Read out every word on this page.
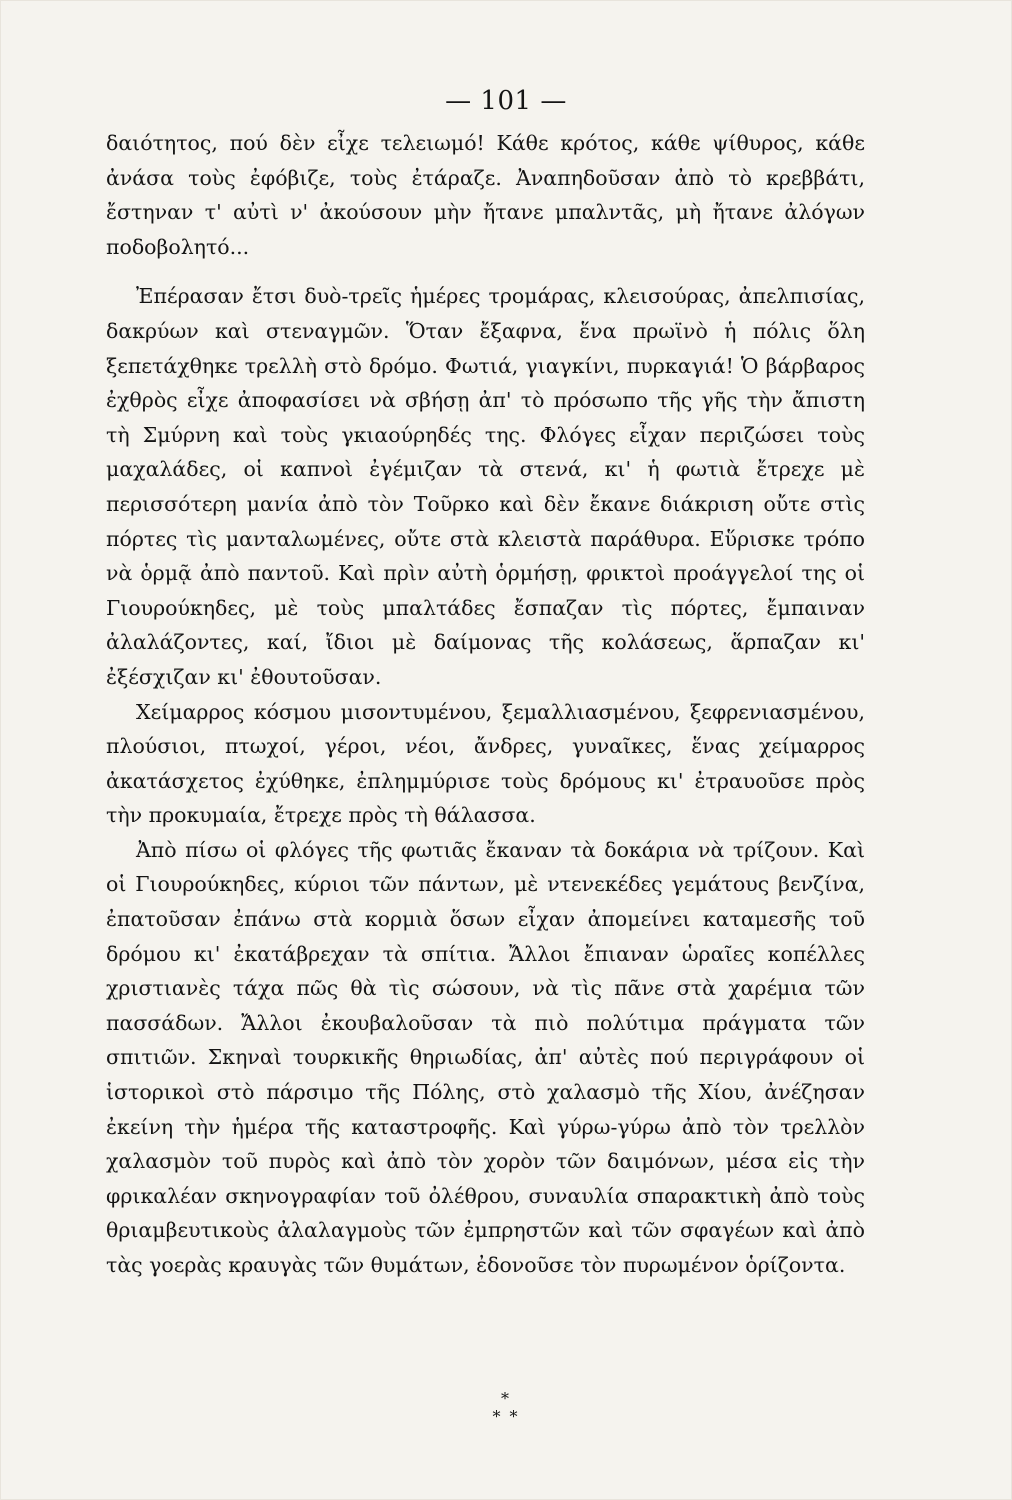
— 101 —

δαιότητος, πού δὲν εἶχε τελειωμό! Κάθε κρότος, κάθε ψίθυρος, κάθε ἀνάσα τοὺς ἐφόβιζε, τοὺς ἐτάραζε. Ἀναπηδοῦσαν ἀπὸ τὸ κρεββάτι, ἔστηναν τ' αὐτὶ ν' ἀκούσουν μὴν ἤτανε μπαλντᾶς, μὴ ἤτανε ἀλόγων ποδοβολητό...

Ἐπέρασαν ἔτσι δυὸ-τρεῖς ἡμέρες τρομάρας, κλεισούρας, ἀπελπισίας, δακρύων καὶ στεναγμῶν. Ὅταν ἔξαφνα, ἕνα πρωϊνὸ ἡ πόλις ὅλη ξεπετάχθηκε τρελλὴ στὸ δρόμο. Φωτιά, γιαγκίνι, πυρκαγιά! Ὁ βάρβαρος ἐχθρὸς εἶχε ἀποφασίσει νὰ σβήσῃ ἀπ' τὸ πρόσωπο τῆς γῆς τὴν ἄπιστη τὴ Σμύρνη καὶ τοὺς γκιαούρηδές της. Φλόγες εἶχαν περιζώσει τοὺς μαχαλάδες, οἱ καπνοὶ ἐγέμιζαν τὰ στενά, κι' ἡ φωτιὰ ἔτρεχε μὲ περισσότερη μανία ἀπὸ τὸν Τοῦρκο καὶ δὲν ἔκανε διάκριση οὔτε στὶς πόρτες τὶς μανταλωμένες, οὔτε στὰ κλειστὰ παράθυρα. Εὕρισκε τρόπο νὰ ὁρμᾷ ἀπὸ παντοῦ. Καὶ πρὶν αὐτὴ ὁρμήσῃ, φρικτοὶ προάγγελοί της οἱ Γιουρούκηδες, μὲ τοὺς μπαλτάδες ἔσπαζαν τὶς πόρτες, ἔμπαιναν ἀλαλάζοντες, καί, ἴδιοι μὲ δαίμονας τῆς κολάσεως, ἅρπαζαν κι' ἐξέσχιζαν κι' ἐθουτοῦσαν.

Χείμαρρος κόσμου μισοντυμένου, ξεμαλλιασμένου, ξεφρενιασμένου, πλούσιοι, πτωχοί, γέροι, νέοι, ἄνδρες, γυναῖκες, ἕνας χείμαρρος ἀκατάσχετος ἐχύθηκε, ἐπλημμύρισε τοὺς δρόμους κι' ἐτραυοῦσε πρὸς τὴν προκυμαία, ἔτρεχε πρὸς τὴ θάλασσα.

Ἀπὸ πίσω οἱ φλόγες τῆς φωτιᾶς ἔκαναν τὰ δοκάρια νὰ τρίζουν. Καὶ οἱ Γιουρούκηδες, κύριοι τῶν πάντων, μὲ ντενεκέδες γεμάτους βενζίνα, ἐπατοῦσαν ἐπάνω στὰ κορμιὰ ὅσων εἶχαν ἀπομείνει καταμεσῆς τοῦ δρόμου κι' ἐκατάβρεχαν τὰ σπίτια. Ἄλλοι ἔπιαναν ὡραῖες κοπέλλες χριστιανὲς τάχα πῶς θὰ τὶς σώσουν, νὰ τὶς πᾶνε στὰ χαρέμια τῶν πασσάδων. Ἄλλοι ἐκουβαλοῦσαν τὰ πιὸ πολύτιμα πράγματα τῶν σπιτιῶν. Σκηναὶ τουρκικῆς θηριωδίας, ἀπ' αὐτὲς πού περιγράφουν οἱ ἱστορικοὶ στὸ πάρσιμο τῆς Πόλης, στὸ χαλασμὸ τῆς Χίου, ἀνέζησαν ἐκείνη τὴν ἡμέρα τῆς καταστροφῆς. Καὶ γύρω-γύρω ἀπὸ τὸν τρελλὸν χαλασμὸν τοῦ πυρὸς καὶ ἀπὸ τὸν χορὸν τῶν δαιμόνων, μέσα εἰς τὴν φρικαλέαν σκηνογραφίαν τοῦ ὀλέθρου, συναυλία σπαρακτικὴ ἀπὸ τοὺς θριαμβευτικοὺς ἀλαλαγμοὺς τῶν ἐμπρηστῶν καὶ τῶν σφαγέων καὶ ἀπὸ τὰς γοερὰς κραυγὰς τῶν θυμάτων, ἐδονοῦσε τὸν πυρωμένον ὁρίζοντα.

*
* *
